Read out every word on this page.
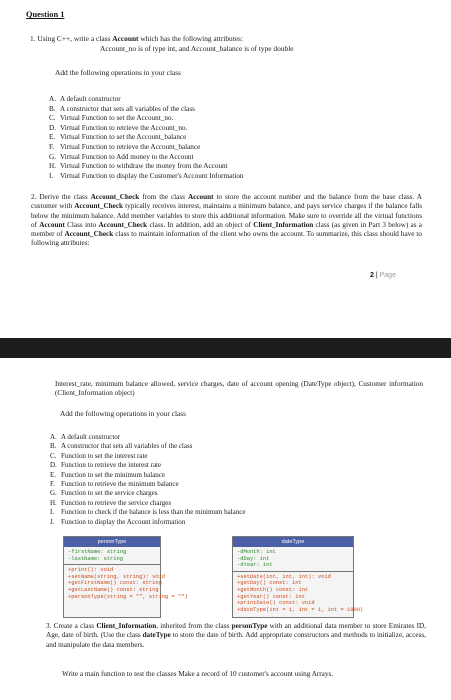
Question 1
1. Using C++, write a class Account which has the following attributes:
Account_no is of type int, and Account_balance is of type double
Add the following operations in your class
A. A default constructor
B. A constructor that sets all variables of the class
C. Virtual Function to set the Account_no.
D. Virtual Function to retrieve the Account_no.
E. Virtual Function to set the Account_balance
F. Virtual Function to retrieve the Account_balance
G. Virtual Function to Add money to the Account
H. Virtual Function to withdraw the money from the Account
I. Virtual Function to display the Customer's Account Information
2. Derive the class Account_Check from the class Account to store the account number and the balance from the base class. A customer with Account_Check typically receives interest, maintains a minimum balance, and pays service charges if the balance falls below the minimum balance. Add member variables to store this additional information. Make sure to override all the virtual functions of Account Class into Account_Check class. In addition, add an object of Client_Information class (as given in Part 3 below) as a member of Account_Check class to maintain information of the client who owns the account. To summarize, this class should have to following attributes:
2 | Page
Interest_rate, minimum balance allowed, service charges, date of account opening (DateType object), Customer information (Client_Information object)
Add the following operations in your class
A. A default constructor
B. A constructor that sets all variables of the class
C. Function to set the interest rate
D. Function to retrieve the interest rate
E. Function to set the minimum balance
F. Function to retrieve the minimum balance
G. Function to set the service charges
H. Function to retrieve the service charges
I. Function to check if the balance is less than the minimum balance
J. Function to display the Account information
personType
-firstName: string
-lastName: string
+print(): void
+setName(string, string): void
+getFirstName() const: string
+getLastName() const: string
+personType(string = "", string = "")
dateType
-dMonth: int
-dDay: int
-dYear: int
+setDate(int, int, int): void
+getDay() const: int
+getMonth() const: int
+getYear() const: int
+printDate() const: void
+dateType(int = 1, int = 1, int = 1900)
3. Create a class Client_Information, inherited from the class personType with an additional data member to store Emirates ID, Age, date of birth. (Use the class dateType to store the date of birth. Add appropriate constructors and methods to initialize, access, and manipulate the data members.
Write a main function to test the classes Make a record of 10 customer's account using Arrays.
